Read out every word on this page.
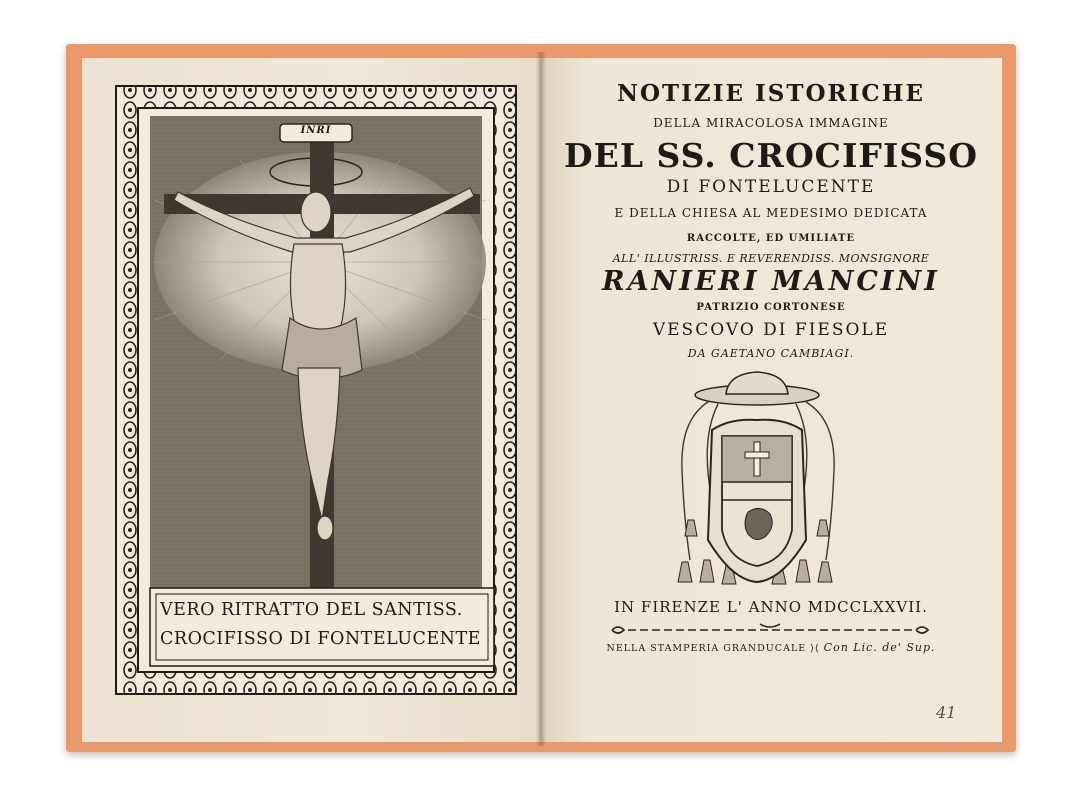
INRI
VERO RITRATTO DEL SANTISS.
CROCIFISSO DI FONTELUCENTE
NOTIZIE ISTORICHE
DELLA MIRACOLOSA IMMAGINE
DEL SS. CROCIFISSO
DI FONTELUCENTE
E DELLA CHIESA AL MEDESIMO DEDICATA
RACCOLTE, ED UMILIATE
ALL' ILLUSTRISS. E REVERENDISS. MONSIGNORE
RANIERI MANCINI
PATRIZIO CORTONESE
VESCOVO DI FIESOLE
DA GAETANO CAMBIAGI.
IN FIRENZE L' ANNO MDCCLXXVII.
NELLA STAMPERIA GRANDUCALE ⟩⟨ Con Lic. de' Sup.
41
